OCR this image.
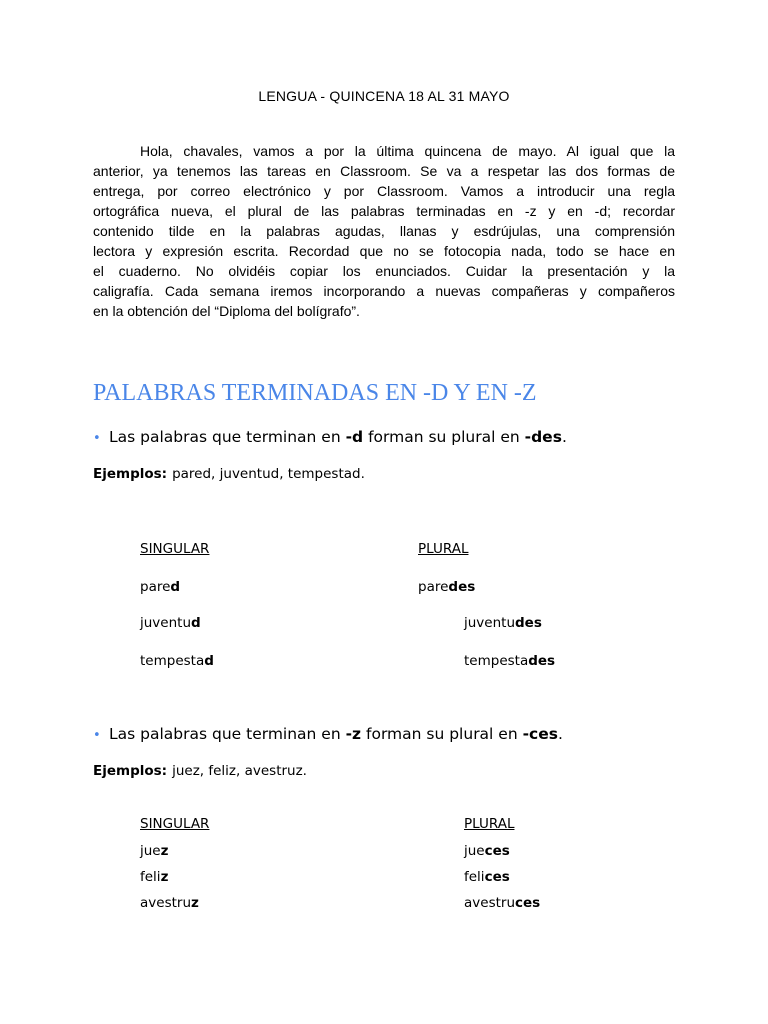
LENGUA - QUINCENA 18 AL 31 MAYO
Hola, chavales, vamos a por la última quincena de mayo. Al igual que la
anterior, ya tenemos las tareas en Classroom. Se va a respetar las dos formas de
entrega, por correo electrónico y por Classroom. Vamos a introducir una regla
ortográfica nueva, el plural de las palabras terminadas en -z y en -d; recordar
contenido tilde en la palabras agudas, llanas y esdrújulas, una comprensión
lectora y expresión escrita. Recordad que no se fotocopia nada, todo se hace en
el cuaderno. No olvidéis copiar los enunciados. Cuidar la presentación y la
caligrafía. Cada semana iremos incorporando a nuevas compañeras y compañeros
en la obtención del “Diploma del bolígrafo”.
PALABRAS TERMINADAS EN -D Y EN -Z
• Las palabras que terminan en -d forman su plural en -des.
Ejemplos: pared, juventud, tempestad.
SINGULAR	PLURAL
pared	paredes
juventud	juventudes
tempestad	tempestades
• Las palabras que terminan en -z forman su plural en -ces.
Ejemplos: juez, feliz, avestruz.
SINGULAR	PLURAL
juez	jueces
feliz	felices
avestruz	avestruces
